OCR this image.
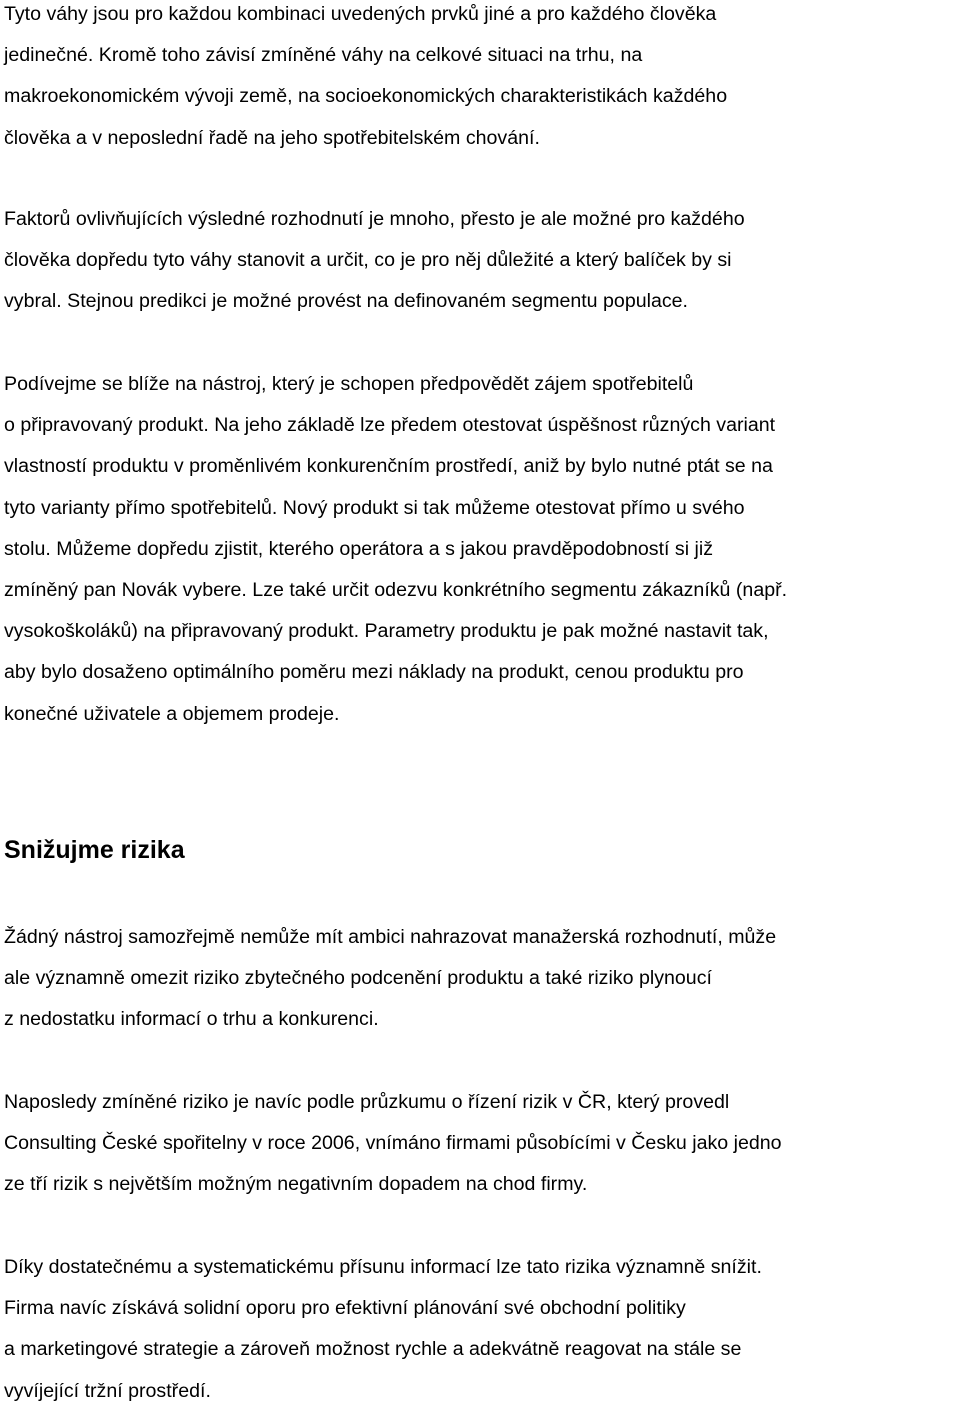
Tyto váhy jsou pro každou kombinaci uvedených prvků jiné a pro každého člověka
jedinečné. Kromě toho závisí zmíněné váhy na celkové situaci na trhu, na
makroekonomickém vývoji země, na socioekonomických charakteristikách každého
člověka a v neposlední řadě na jeho spotřebitelském chování.

Faktorů ovlivňujících výsledné rozhodnutí je mnoho, přesto je ale možné pro každého
člověka dopředu tyto váhy stanovit a určit, co je pro něj důležité a který balíček by si
vybral. Stejnou predikci je možné provést na definovaném segmentu populace.

Podívejme se blíže na nástroj, který je schopen předpovědět zájem spotřebitelů
o připravovaný produkt. Na jeho základě lze předem otestovat úspěšnost různých variant
vlastností produktu v proměnlivém konkurenčním prostředí, aniž by bylo nutné ptát se na
tyto varianty přímo spotřebitelů. Nový produkt si tak můžeme otestovat přímo u svého
stolu. Můžeme dopředu zjistit, kterého operátora a s jakou pravděpodobností si již
zmíněný pan Novák vybere. Lze také určit odezvu konkrétního segmentu zákazníků (např.
vysokoškoláků) na připravovaný produkt. Parametry produktu je pak možné nastavit tak,
aby bylo dosaženo optimálního poměru mezi náklady na produkt, cenou produktu pro
konečné uživatele a objemem prodeje.

Snižujme rizika

Žádný nástroj samozřejmě nemůže mít ambici nahrazovat manažerská rozhodnutí, může
ale významně omezit riziko zbytečného podcenění produktu a také riziko plynoucí
z nedostatku informací o trhu a konkurenci.

Naposledy zmíněné riziko je navíc podle průzkumu o řízení rizik v ČR, který provedl
Consulting České spořitelny v roce 2006, vnímáno firmami působícími v Česku jako jedno
ze tří rizik s největším možným negativním dopadem na chod firmy.

Díky dostatečnému a systematickému přísunu informací lze tato rizika významně snížit.
Firma navíc získává solidní oporu pro efektivní plánování své obchodní politiky
a marketingové strategie a zároveň možnost rychle a adekvátně reagovat na stále se
vyvíjející tržní prostředí.
